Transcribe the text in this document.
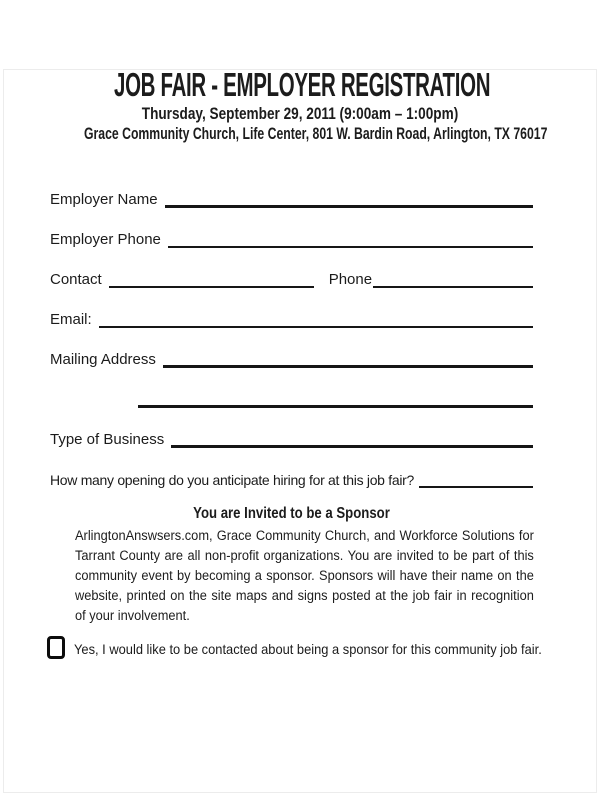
JOB FAIR - EMPLOYER REGISTRATION
Thursday, September 29, 2011 (9:00am – 1:00pm)
Grace Community Church, Life Center, 801 W. Bardin Road, Arlington, TX 76017
Employer Name
Employer Phone
Contact	Phone
Email:
Mailing Address
Type of Business
How many opening do you anticipate hiring for at this job fair?
You are Invited to be a Sponsor
ArlingtonAnswsers.com, Grace Community Church, and Workforce Solutions for Tarrant County are all non-profit organizations. You are invited to be part of this community event by becoming a sponsor. Sponsors will have their name on the website, printed on the site maps and signs posted at the job fair in recognition of your involvement.
Yes, I would like to be contacted about being a sponsor for this community job fair.
